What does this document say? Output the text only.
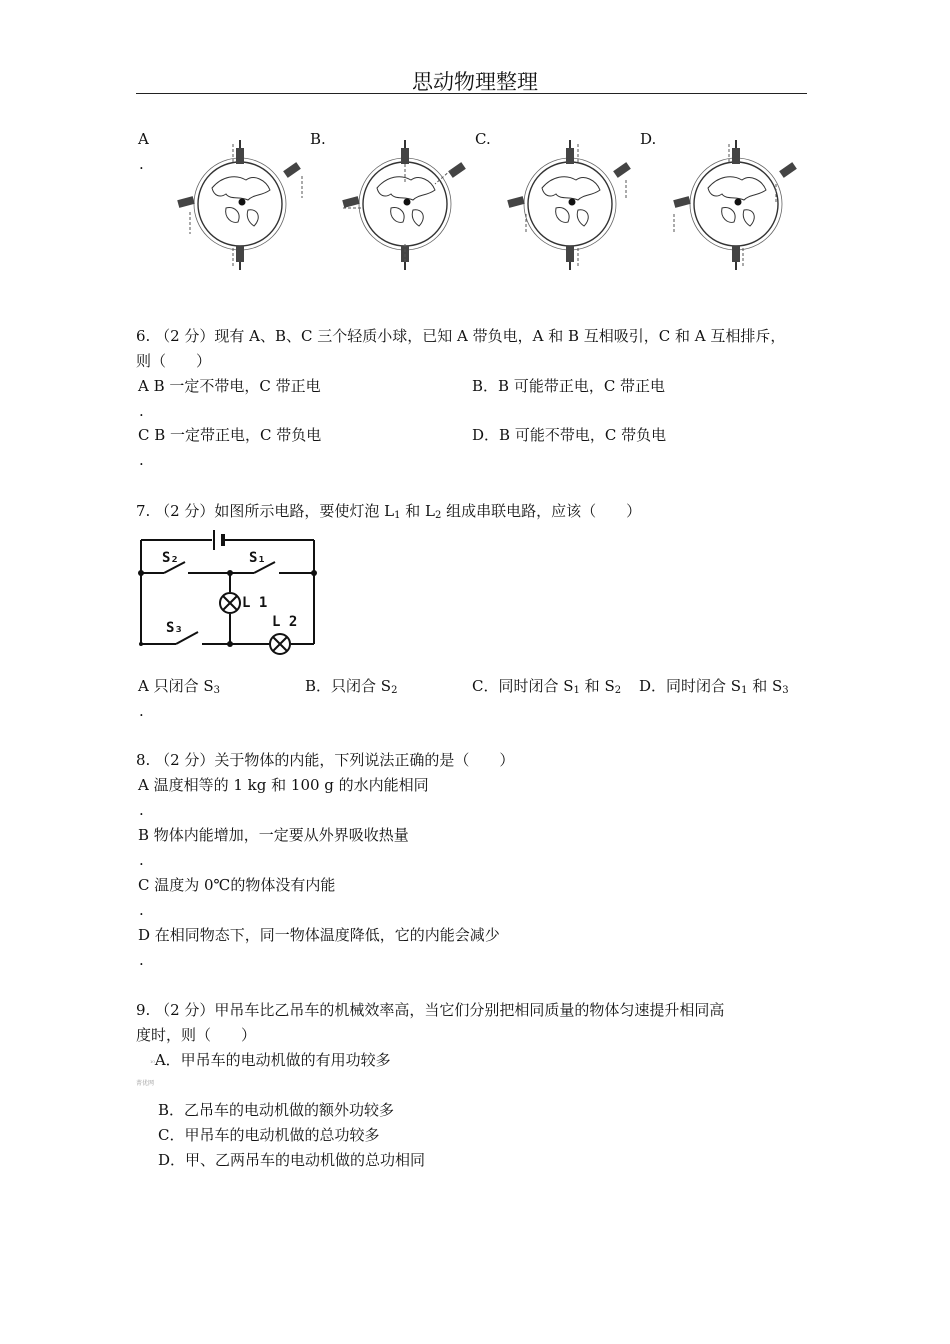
思动物理整理
A
.
B.	C.	D.
6. （2 分）现有 A、B、C 三个轻质小球，已知 A 带负电，A 和 B 互相吸引，C 和 A 互相排斥，
则（　　）
A B 一定不带电，C 带正电
.
B．B 可能带正电，C 带正电
C B 一定带正电，C 带负电
.
D．B 可能不带电，C 带负电
7. （2 分）如图所示电路，要使灯泡 $L_1$ 和 $L_2$ 组成串联电路，应该（　　）
S₂	S₁
S₃
L 1
L 2
A 只闭合 $S_3$
.
B．只闭合 $S_2$	C．同时闭合 $S_1$ 和 $S_2$ D．同时闭合 $S_1$ 和 $S_3$
8. （2 分）关于物体的内能，下列说法正确的是（　　）
A 温度相等的 1 kg 和 100 g 的水内能相同
.
B 物体内能增加，一定要从外界吸收热量
.
C 温度为 0℃的物体没有内能
.
D 在相同物态下，同一物体温度降低，它的内能会减少
.
9. （2 分）甲吊车比乙吊车的机械效率高，当它们分别把相同质量的物体匀速提升相同高
度时，则（　　）
¹⁰A．甲吊车的电动机做的有用功较多
菁优网
B．乙吊车的电动机做的额外功较多
C．甲吊车的电动机做的总功较多
D．甲、乙两吊车的电动机做的总功相同
